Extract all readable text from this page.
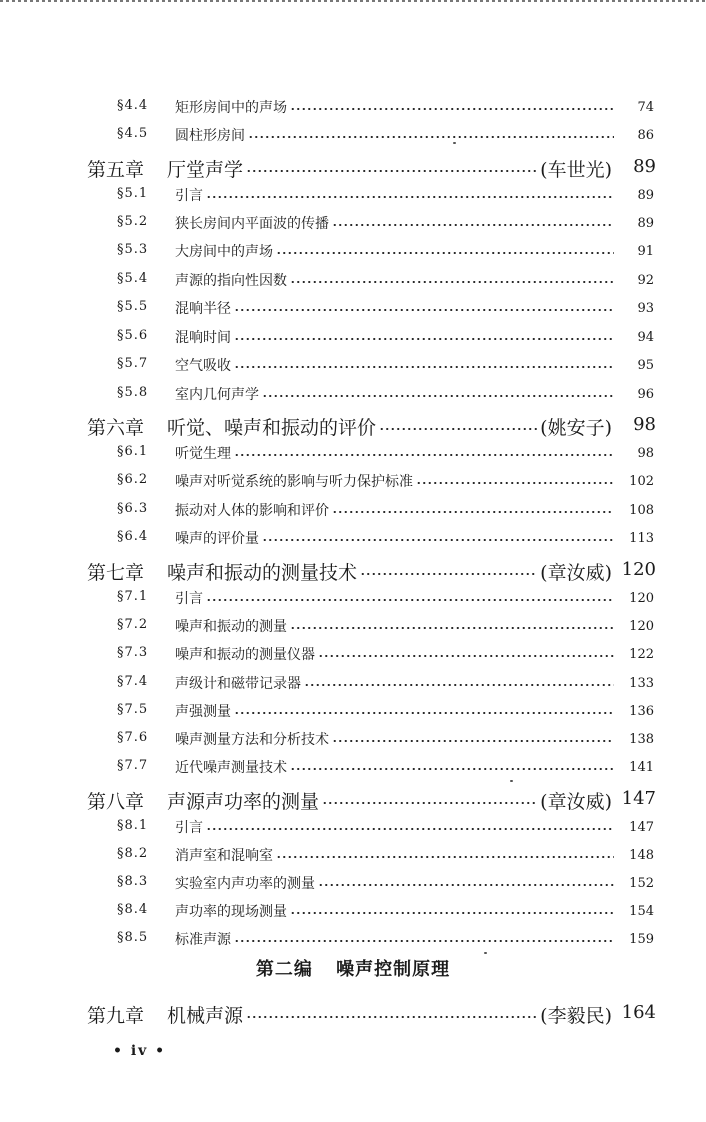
§4.4 矩形房间中的声场	74
§4.5 圆柱形房间	86
第五章 厅堂声学	(车世光) 89
§5.1 引言	89
§5.2 狭长房间内平面波的传播	89
§5.3 大房间中的声场	91
§5.4 声源的指向性因数	92
§5.5 混响半径	93
§5.6 混响时间	94
§5.7 空气吸收	95
§5.8 室内几何声学	96
第六章 听觉、噪声和振动的评价	(姚安子) 98
§6.1 听觉生理	98
§6.2 噪声对听觉系统的影响与听力保护标准	102
§6.3 振动对人体的影响和评价	108
§6.4 噪声的评价量	113
第七章 噪声和振动的测量技术	(章汝威) 120
§7.1 引言	120
§7.2 噪声和振动的测量	120
§7.3 噪声和振动的测量仪器	122
§7.4 声级计和磁带记录器	133
§7.5 声强测量	136
§7.6 噪声测量方法和分析技术	138
§7.7 近代噪声测量技术	141
第八章 声源声功率的测量	(章汝威) 147
§8.1 引言	147
§8.2 消声室和混响室	148
§8.3 实验室内声功率的测量	152
§8.4 声功率的现场测量	154
§8.5 标准声源	159
第九章 机械声源	(李毅民) 164
第二编 噪声控制原理
• iv •
